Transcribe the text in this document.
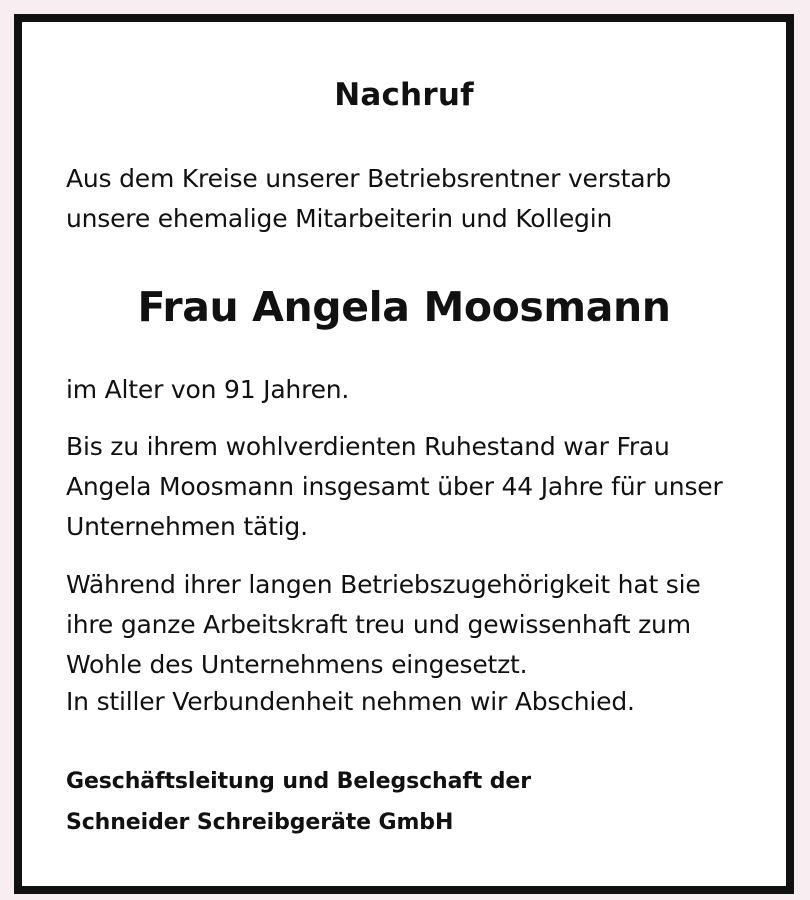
Nachruf
Aus dem Kreise unserer Betriebsrentner verstarb unsere ehemalige Mitarbeiterin und Kollegin
Frau Angela Moosmann
im Alter von 91 Jahren.
Bis zu ihrem wohlverdienten Ruhestand war Frau Angela Moosmann insgesamt über 44 Jahre für unser Unternehmen tätig.
Während ihrer langen Betriebszugehörigkeit hat sie ihre ganze Arbeitskraft treu und gewissenhaft zum Wohle des Unternehmens eingesetzt.
In stiller Verbundenheit nehmen wir Abschied.
Geschäftsleitung und Belegschaft der
Schneider Schreibgeräte GmbH
